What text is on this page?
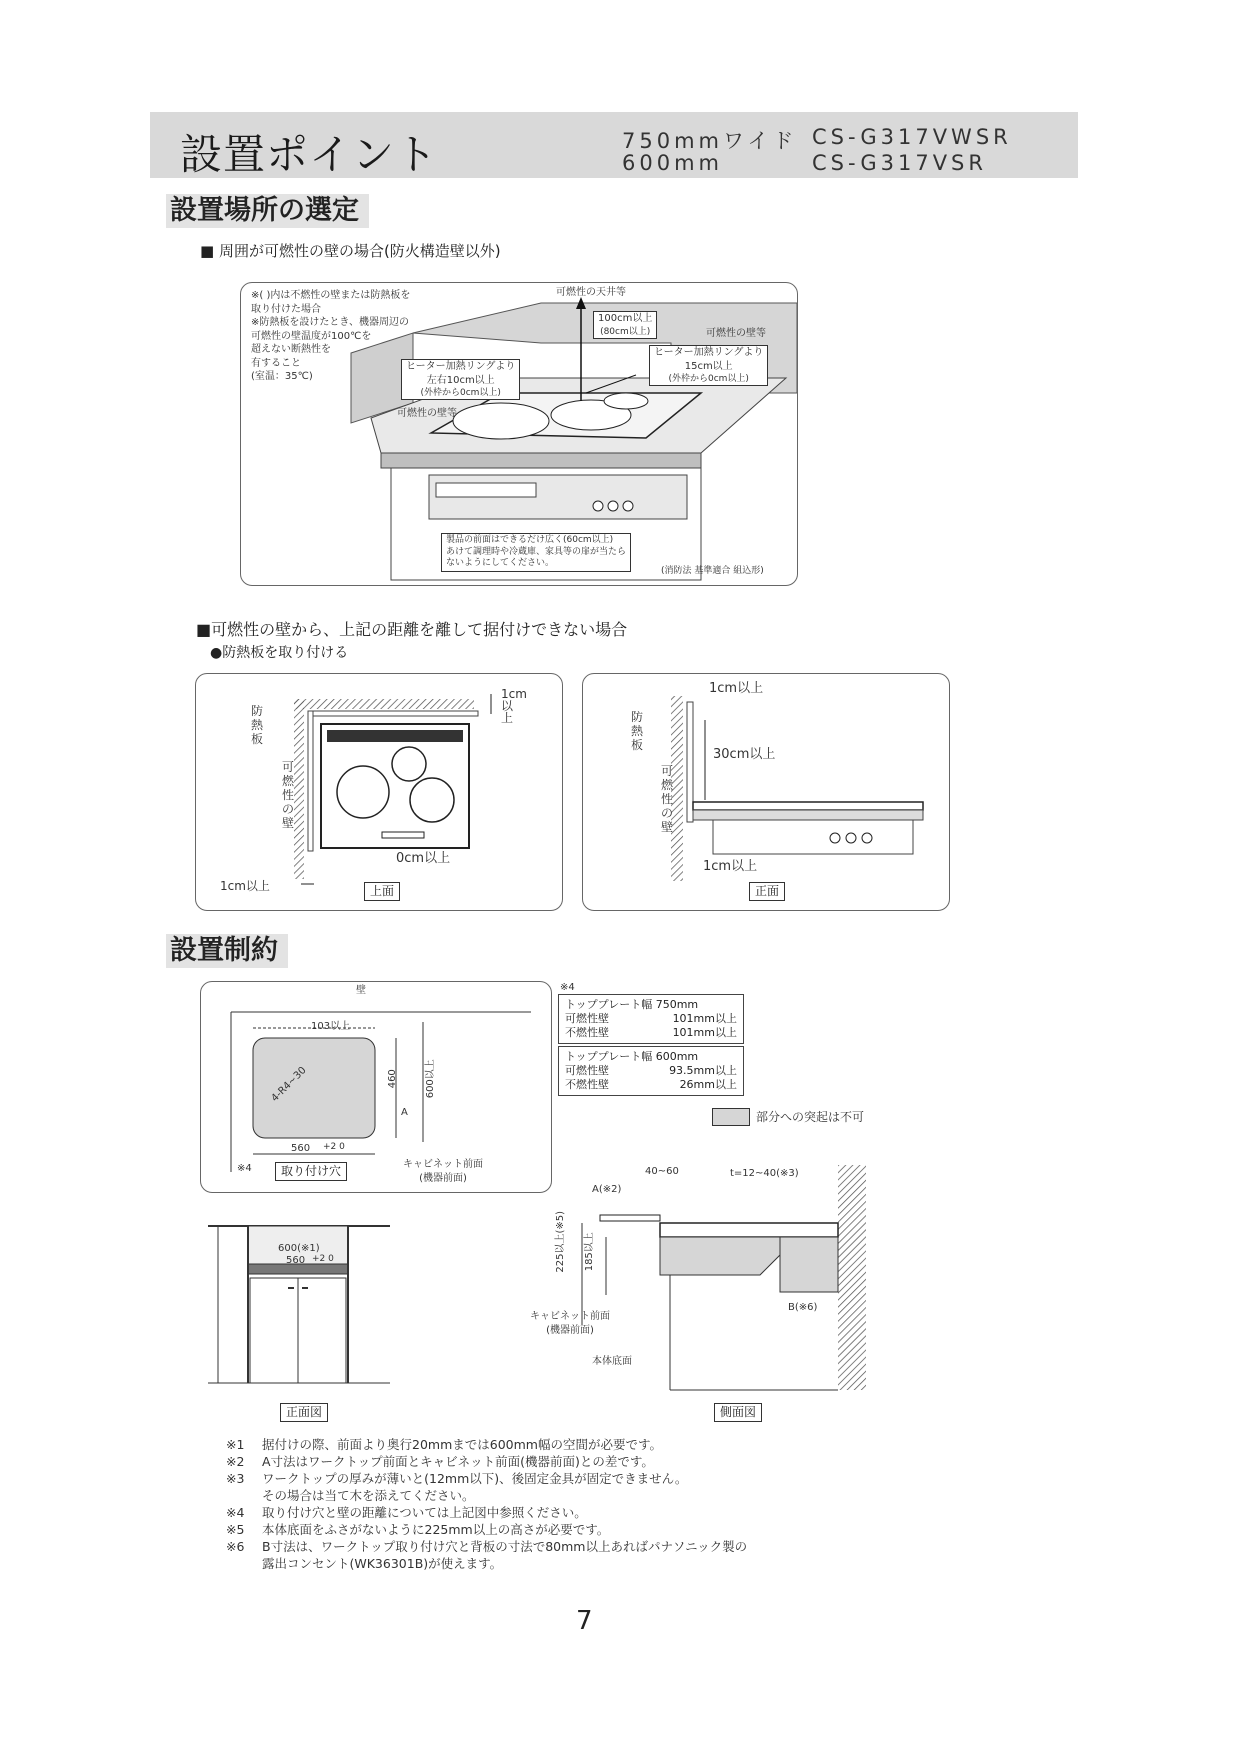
設置ポイント	750mmワイド CS-G317VWSR
600mm	CS-G317VSR
設置場所の選定
■ 周囲が可燃性の壁の場合(防火構造壁以外)
※( )内は不燃性の壁または防熱板を
取り付けた場合
※防熱板を設けたとき、機器周辺の
可燃性の壁温度が100℃を
超えない断熱性を
有すること
(室温：35℃)
可燃性の天井等
100cm以上
(80cm以上)	可燃性の壁等
ヒーター加熱リングより
15cm以上
(外枠から0cm以上)
ヒーター加熱リングより
左右10cm以上
(外枠から0cm以上)
可燃性の壁等
製品の前面はできるだけ広く(60cm以上)
あけて調理時や冷蔵庫、家具等の扉が当たら
ないようにしてください。
(消防法 基準適合 組込形)
■可燃性の壁から、上記の距離を離して据付けできない場合
●防熱板を取り付ける
防熱板
可燃性の壁
1cm以上
1cm以上
0cm以上
上面
防熱板
可燃性の壁
1cm以上
30cm以上
1cm以上
正面
設置制約
壁
103以上
4-R4~30	460	600以上
A
560 +2 0
※4	取り付け穴	キャビネット前面
(機器前面)
※4
トッププレート幅 750mm
可燃性壁	101mm以上
不燃性壁	101mm以上
トッププレート幅 600mm
可燃性壁	93.5mm以上
不燃性壁	26mm以上
部分への突起は不可
600(※1)
560 +2 0
正面図
40~60	t=12~40(※3)
A(※2)
225以上(※5) 185以上
キャビネット前面
(機器前面)
本体底面
B(※6)
側面図
※1 据付けの際、前面より奥行20mmまでは600mm幅の空間が必要です。
※2 A寸法はワークトップ前面とキャビネット前面(機器前面)との差です。
※3 ワークトップの厚みが薄いと(12mm以下)、後固定金具が固定できません。
その場合は当て木を添えてください。
※4 取り付け穴と壁の距離については上記図中参照ください。
※5 本体底面をふさがないように225mm以上の高さが必要です。
※6 B寸法は、ワークトップ取り付け穴と背板の寸法で80mm以上あればパナソニック製の
露出コンセント(WK36301B)が使えます。
7
